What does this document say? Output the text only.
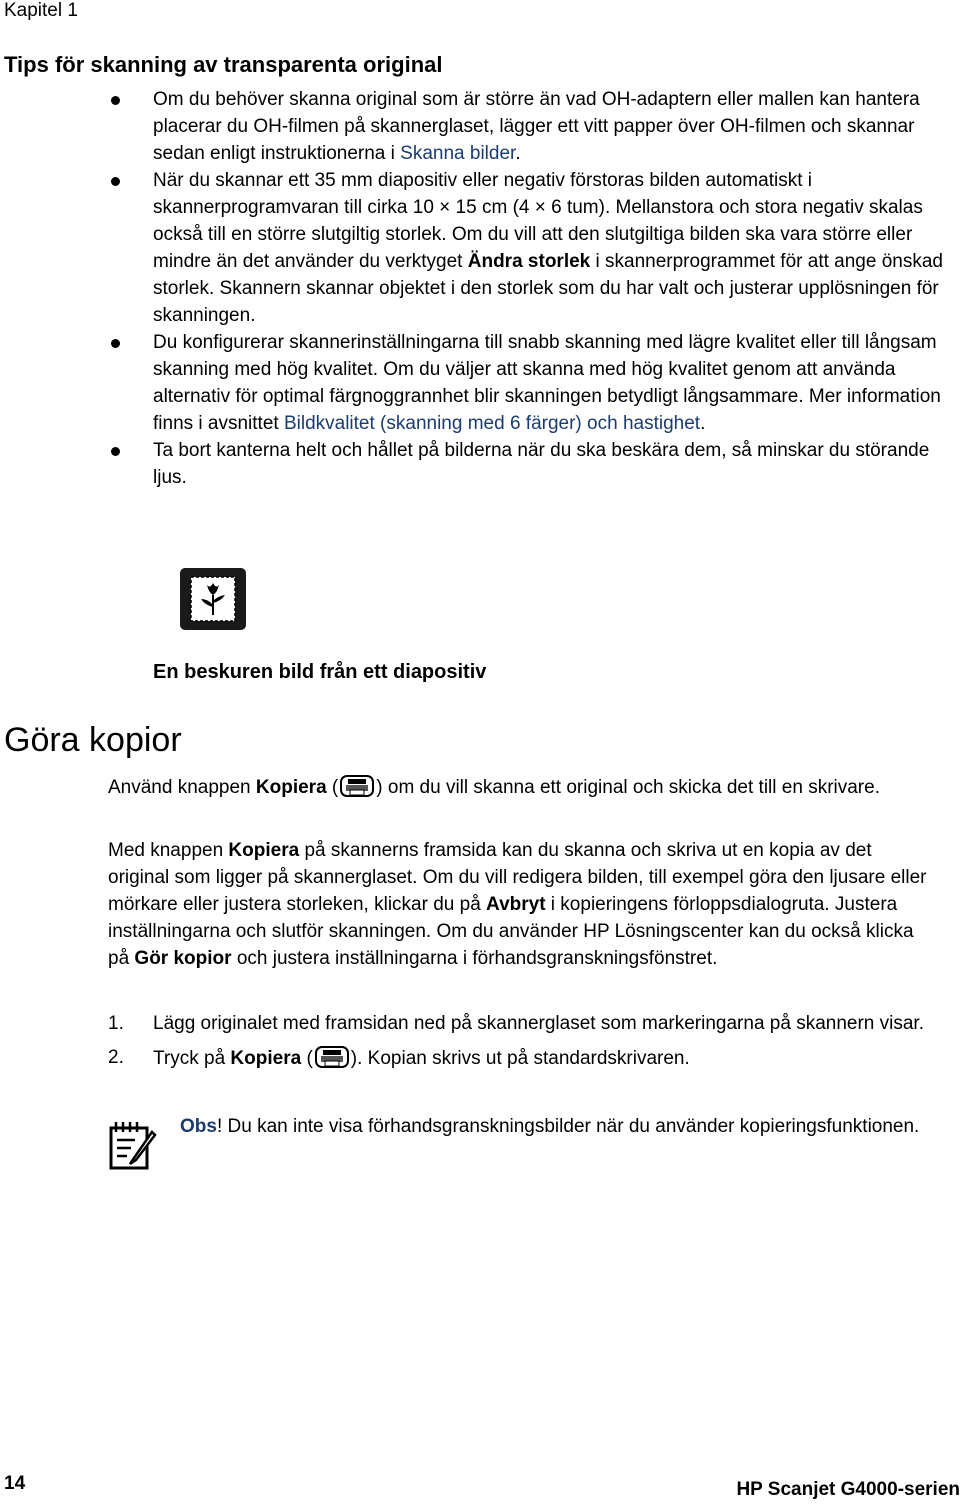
Kapitel 1
Tips för skanning av transparenta original
Om du behöver skanna original som är större än vad OH-adaptern eller mallen kan hantera placerar du OH-filmen på skannerglaset, lägger ett vitt papper över OH-filmen och skannar sedan enligt instruktionerna i Skanna bilder.
När du skannar ett 35 mm diapositiv eller negativ förstoras bilden automatiskt i skannerprogramvaran till cirka 10 × 15 cm (4 × 6 tum). Mellanstora och stora negativ skalas också till en större slutgiltig storlek. Om du vill att den slutgiltiga bilden ska vara större eller mindre än det använder du verktyget Ändra storlek i skannerprogrammet för att ange önskad storlek. Skannern skannar objektet i den storlek som du har valt och justerar upplösningen för skanningen.
Du konfigurerar skannerinställningarna till snabb skanning med lägre kvalitet eller till långsam skanning med hög kvalitet. Om du väljer att skanna med hög kvalitet genom att använda alternativ för optimal färgnoggrannhet blir skanningen betydligt långsammare. Mer information finns i avsnittet Bildkvalitet (skanning med 6 färger) och hastighet.
Ta bort kanterna helt och hållet på bilderna när du ska beskära dem, så minskar du störande ljus.
En beskuren bild från ett diapositiv
Göra kopior

Använd knappen Kopiera ( ) om du vill skanna ett original och skicka det till en skrivare.

Med knappen Kopiera på skannerns framsida kan du skanna och skriva ut en kopia av det original som ligger på skannerglaset. Om du vill redigera bilden, till exempel göra den ljusare eller mörkare eller justera storleken, klickar du på Avbryt i kopieringens förloppsdialogruta. Justera inställningarna och slutför skanningen. Om du använder HP Lösningscenter kan du också klicka på Gör kopior och justera inställningarna i förhandsgranskningsfönstret.

1. Lägg originalet med framsidan ned på skannerglaset som markeringarna på skannern visar.
2. Tryck på Kopiera ( ). Kopian skrivs ut på standardskrivaren.
Obs! Du kan inte visa förhandsgranskningsbilder när du använder kopieringsfunktionen.
14	HP Scanjet G4000-serien
